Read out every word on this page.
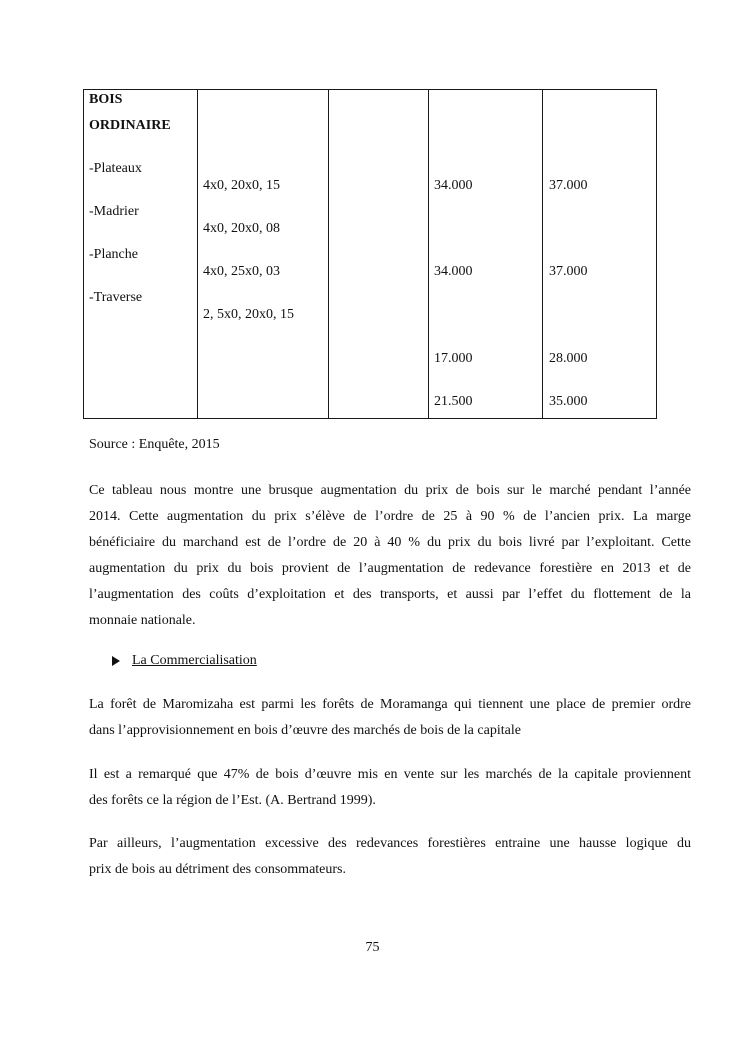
BOIS
ORDINAIRE
-Plateaux
-Madrier
-Planche
-Traverse
4x0, 20x0, 15
4x0, 20x0, 08
4x0, 25x0, 03
2, 5x0, 20x0, 15
34.000
34.000
17.000
21.500
37.000
37.000
28.000
35.000
Source : Enquête, 2015
Ce tableau nous montre une brusque augmentation du prix de bois sur le marché pendant l’année
2014. Cette augmentation du prix s’élève de l’ordre de 25 à 90 % de l’ancien prix. La marge
bénéficiaire du marchand est de l’ordre de 20 à 40 % du prix du bois livré par l’exploitant. Cette
augmentation du prix du bois provient de l’augmentation de redevance forestière en 2013 et de
l’augmentation des coûts d’exploitation et des transports, et aussi par l’effet du flottement de la
monnaie nationale.
La Commercialisation
La forêt de Maromizaha est parmi les forêts de Moramanga qui tiennent une place de premier ordre
dans l’approvisionnement en bois d’œuvre des marchés de bois de la capitale
Il est a remarqué que 47% de bois d’œuvre mis en vente sur les marchés de la capitale proviennent
des forêts ce la région de l’Est. (A. Bertrand 1999).
Par ailleurs, l’augmentation excessive des redevances forestières entraine une hausse logique du
prix de bois au détriment des consommateurs.
75
